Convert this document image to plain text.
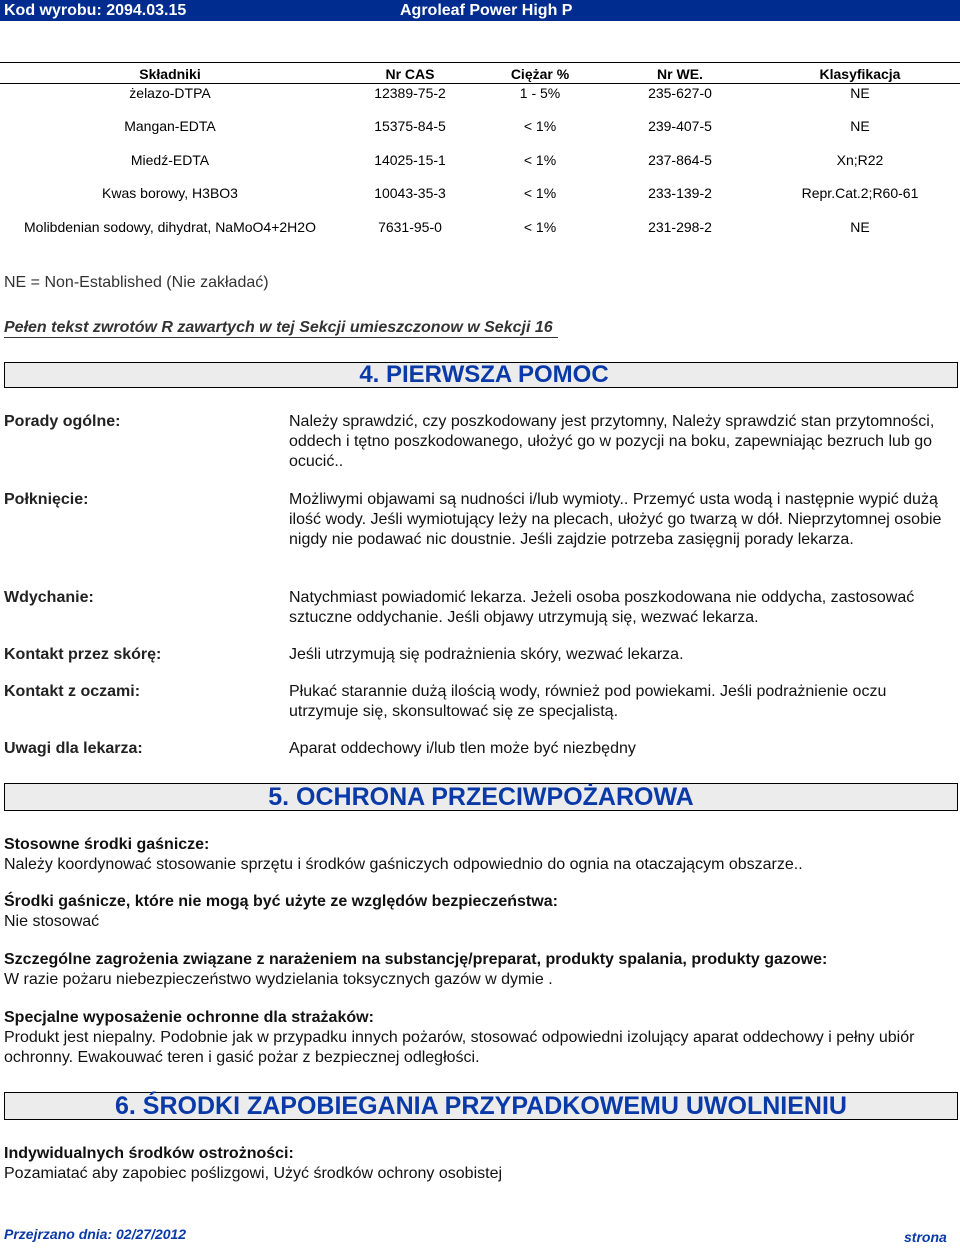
Kod wyrobu: 2094.03.15	Agroleaf Power High P
Składniki	Nr CAS	Ciężar %	Nr WE.	Klasyfikacja
żelazo-DTPA	12389-75-2	1 - 5%	235-627-0	NE
Mangan-EDTA	15375-84-5	< 1%	239-407-5	NE
Miedź-EDTA	14025-15-1	< 1%	237-864-5	Xn;R22
Kwas borowy, H3BO3	10043-35-3	< 1%	233-139-2	Repr.Cat.2;R60-61
Molibdenian sodowy, dihydrat, NaMoO4+2H2O	7631-95-0	< 1%	231-298-2	NE
NE = Non-Established (Nie zakładać)
Pełen tekst zwrotów R zawartych w tej Sekcji umieszczonow w Sekcji 16
4. PIERWSZA POMOC
Porady ogólne:	Należy sprawdzić, czy poszkodowany jest przytomny, Należy sprawdzić stan przytomności, oddech i tętno poszkodowanego, ułożyć go w pozycji na boku, zapewniając bezruch lub go ocucić..
Połknięcie:	Możliwymi objawami są nudności i/lub wymioty.. Przemyć usta wodą i następnie wypić dużą ilość wody. Jeśli wymiotujący leży na plecach, ułożyć go twarzą w dół. Nieprzytomnej osobie nigdy nie podawać nic doustnie. Jeśli zajdzie potrzeba zasięgnij porady lekarza.
Wdychanie:	Natychmiast powiadomić lekarza. Jeżeli osoba poszkodowana nie oddycha, zastosować sztuczne oddychanie. Jeśli objawy utrzymują się, wezwać lekarza.
Kontakt przez skórę:	Jeśli utrzymują się podrażnienia skóry, wezwać lekarza.
Kontakt z oczami:	Płukać starannie dużą ilością wody, również pod powiekami. Jeśli podrażnienie oczu utrzymuje się, skonsultować się ze specjalistą.
Uwagi dla lekarza:	Aparat oddechowy i/lub tlen może być niezbędny
5. OCHRONA PRZECIWPOŻAROWA
Stosowne środki gaśnicze:
Należy koordynować stosowanie sprzętu i środków gaśniczych odpowiednio do ognia na otaczającym obszarze..
Środki gaśnicze, które nie mogą być użyte ze względów bezpieczeństwa:
Nie stosować
Szczególne zagrożenia związane z narażeniem na substancję/preparat, produkty spalania, produkty gazowe:
W razie pożaru niebezpieczeństwo wydzielania toksycznych gazów w dymie .
Specjalne wyposażenie ochronne dla strażaków:
Produkt jest niepalny. Podobnie jak w przypadku innych pożarów, stosować odpowiedni izolujący aparat oddechowy i pełny ubiór ochronny. Ewakouwać teren i gasić pożar z bezpiecznej odległości.
6. ŚRODKI ZAPOBIEGANIA PRZYPADKOWEMU UWOLNIENIU
Indywidualnych środków ostrożności:
Pozamiatać aby zapobiec poślizgowi, Użyć środków ochrony osobistej
Przejrzano dnia: 02/27/2012	strona
